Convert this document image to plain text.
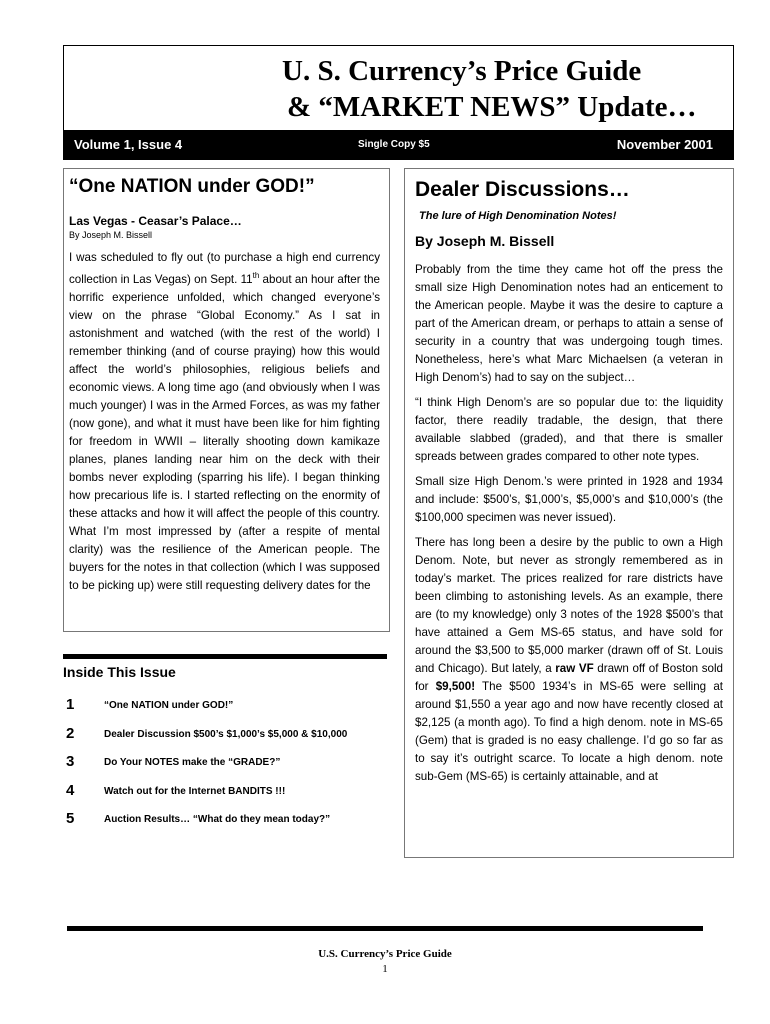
U. S. Currency’s Price Guide
& “MARKET NEWS” Update…
Volume 1, Issue 4	Single Copy $5	November 2001
“One NATION under GOD!”
Las Vegas - Ceasar’s Palace…
By Joseph M. Bissell
I was scheduled to fly out (to purchase a high end currency collection in Las Vegas) on Sept. 11th about an hour after the horrific experience unfolded, which changed everyone’s view on the phrase “Global Economy.” As I sat in astonishment and watched (with the rest of the world) I remember thinking (and of course praying) how this would affect the world’s philosophies, religious beliefs and economic views. A long time ago (and obviously when I was much younger) I was in the Armed Forces, as was my father (now gone), and what it must have been like for him fighting for freedom in WWII – literally shooting down kamikaze planes, planes landing near him on the deck with their bombs never exploding (sparring his life). I began thinking how precarious life is. I started reflecting on the enormity of these attacks and how it will affect the people of this country. What I’m most impressed by (after a respite of mental clarity) was the resilience of the American people. The buyers for the notes in that collection (which I was supposed to be picking up) were still requesting delivery dates for the
Inside This Issue
1	“One NATION under GOD!”
2	Dealer Discussion $500’s $1,000’s $5,000 & $10,000
3	Do Your NOTES make the “GRADE?”
4	Watch out for the Internet BANDITS !!!
5	Auction Results… “What do they mean today?”
Dealer Discussions…
The lure of High Denomination Notes!
By Joseph M. Bissell

Probably from the time they came hot off the press the small size High Denomination notes had an enticement to the American people. Maybe it was the desire to capture a part of the American dream, or perhaps to attain a sense of security in a country that was undergoing tough times. Nonetheless, here’s what Marc Michaelsen (a veteran in High Denom’s) had to say on the subject…

“I think High Denom’s are so popular due to: the liquidity factor, there readily tradable, the design, that there available slabbed (graded), and that there is smaller spreads between grades compared to other note types.

Small size High Denom.’s were printed in 1928 and 1934 and include: $500’s, $1,000’s, $5,000’s and $10,000’s (the $100,000 specimen was never issued).

There has long been a desire by the public to own a High Denom. Note, but never as strongly remembered as in today’s market. The prices realized for rare districts have been climbing to astonishing levels. As an example, there are (to my knowledge) only 3 notes of the 1928 $500’s that have attained a Gem MS-65 status, and have sold for around the $3,500 to $5,000 marker (drawn off of St. Louis and Chicago). But lately, a raw VF drawn off of Boston sold for $9,500! The $500 1934’s in MS-65 were selling at around $1,550 a year ago and now have recently closed at $2,125 (a month ago). To find a high denom. note in MS-65 (Gem) that is graded is no easy challenge. I’d go so far as to say it’s outright scarce. To locate a high denom. note sub-Gem (MS-65) is certainly attainable, and at

U.S. Currency’s Price Guide
1
